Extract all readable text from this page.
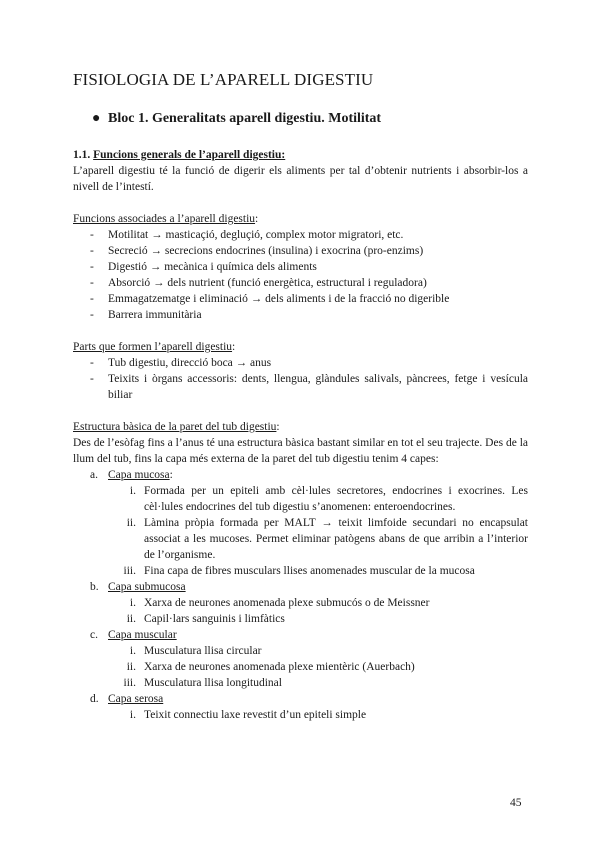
FISIOLOGIA DE L’APARELL DIGESTIU
● Bloc 1. Generalitats aparell digestiu. Motilitat

1.1. Funcions generals de l’aparell digestiu:

L’aparell digestiu té la funció de digerir els aliments per tal d’obtenir nutrients i absorbir-los a nivell de l’intestí.

Funcions associades a l’aparell digestiu:

- Motilitat → masticaçió, degluçió, complex motor migratori, etc.
- Secreció → secrecions endocrines (insulina) i exocrina (pro-enzims)
- Digestió → mecànica i química dels aliments
- Absorció → dels nutrient (funció energètica, estructural i reguladora)
- Emmagatzematge i eliminació → dels aliments i de la fracció no digerible
- Barrera immunitària

Parts que formen l’aparell digestiu:

- Tub digestiu, direcció boca → anus
- Teixits i òrgans accessoris: dents, llengua, glàndules salivals, pàncrees, fetge i vesícula biliar

Estructura bàsica de la paret del tub digestiu:

Des de l’esòfag fins a l’anus té una estructura bàsica bastant similar en tot el seu trajecte. Des de la llum del tub, fins la capa més externa de la paret del tub digestiu tenim 4 capes:

a. Capa mucosa:
i. Formada per un epiteli amb cèl·lules secretores, endocrines i exocrines. Les cèl·lules endocrines del tub digestiu s’anomenen: enteroendocrines.
ii. Làmina pròpia formada per MALT → teixit limfoide secundari no encapsulat associat a les mucoses. Permet eliminar patògens abans de que arribin a l’interior de l’organisme.
iii. Fina capa de fibres musculars llises anomenades muscular de la mucosa
b. Capa submucosa
i. Xarxa de neurones anomenada plexe submucós o de Meissner
ii. Capil·lars sanguinis i limfàtics
c. Capa muscular
i. Musculatura llisa circular
ii. Xarxa de neurones anomenada plexe mientèric (Auerbach)
iii. Musculatura llisa longitudinal
d. Capa serosa
i. Teixit connectiu laxe revestit d’un epiteli simple
45
